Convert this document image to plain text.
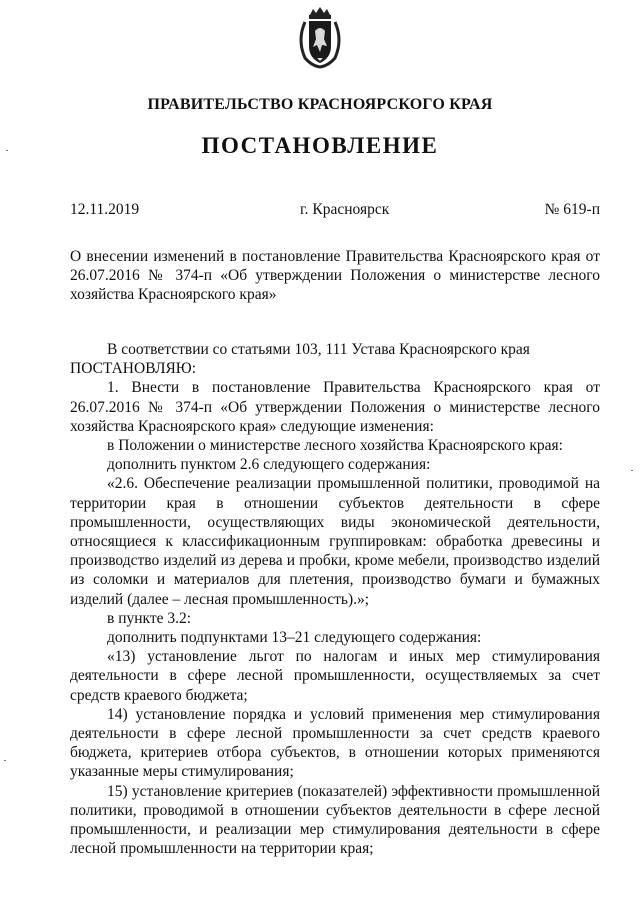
ПРАВИТЕЛЬСТВО КРАСНОЯРСКОГО КРАЯ
ПОСТАНОВЛЕНИЕ
12.11.2019	г. Красноярск	№ 619-п
О внесении изменений в постановление Правительства Красноярского края от 26.07.2016 № 374-п «Об утверждении Положения о министерстве лесного хозяйства Красноярского края»

В соответствии со статьями 103, 111 Устава Красноярского края

ПОСТАНОВЛЯЮ:

1. Внести в постановление Правительства Красноярского края от 26.07.2016 № 374-п «Об утверждении Положения о министерстве лесного хозяйства Красноярского края» следующие изменения:

в Положении о министерстве лесного хозяйства Красноярского края:

дополнить пунктом 2.6 следующего содержания:

«2.6. Обеспечение реализации промышленной политики, проводимой на территории края в отношении субъектов деятельности в сфере промышленности, осуществляющих виды экономической деятельности, относящиеся к классификационным группировкам: обработка древесины и производство изделий из дерева и пробки, кроме мебели, производство изделий из соломки и материалов для плетения, производство бумаги и бумажных изделий (далее – лесная промышленность).»;

в пункте 3.2:

дополнить подпунктами 13–21 следующего содержания:

«13) установление льгот по налогам и иных мер стимулирования деятельности в сфере лесной промышленности, осуществляемых за счет средств краевого бюджета;

14) установление порядка и условий применения мер стимулирования деятельности в сфере лесной промышленности за счет средств краевого бюджета, критериев отбора субъектов, в отношении которых применяются указанные меры стимулирования;

15) установление критериев (показателей) эффективности промышленной политики, проводимой в отношении субъектов деятельности в сфере лесной промышленности, и реализации мер стимулирования деятельности в сфере лесной промышленности на территории края;
